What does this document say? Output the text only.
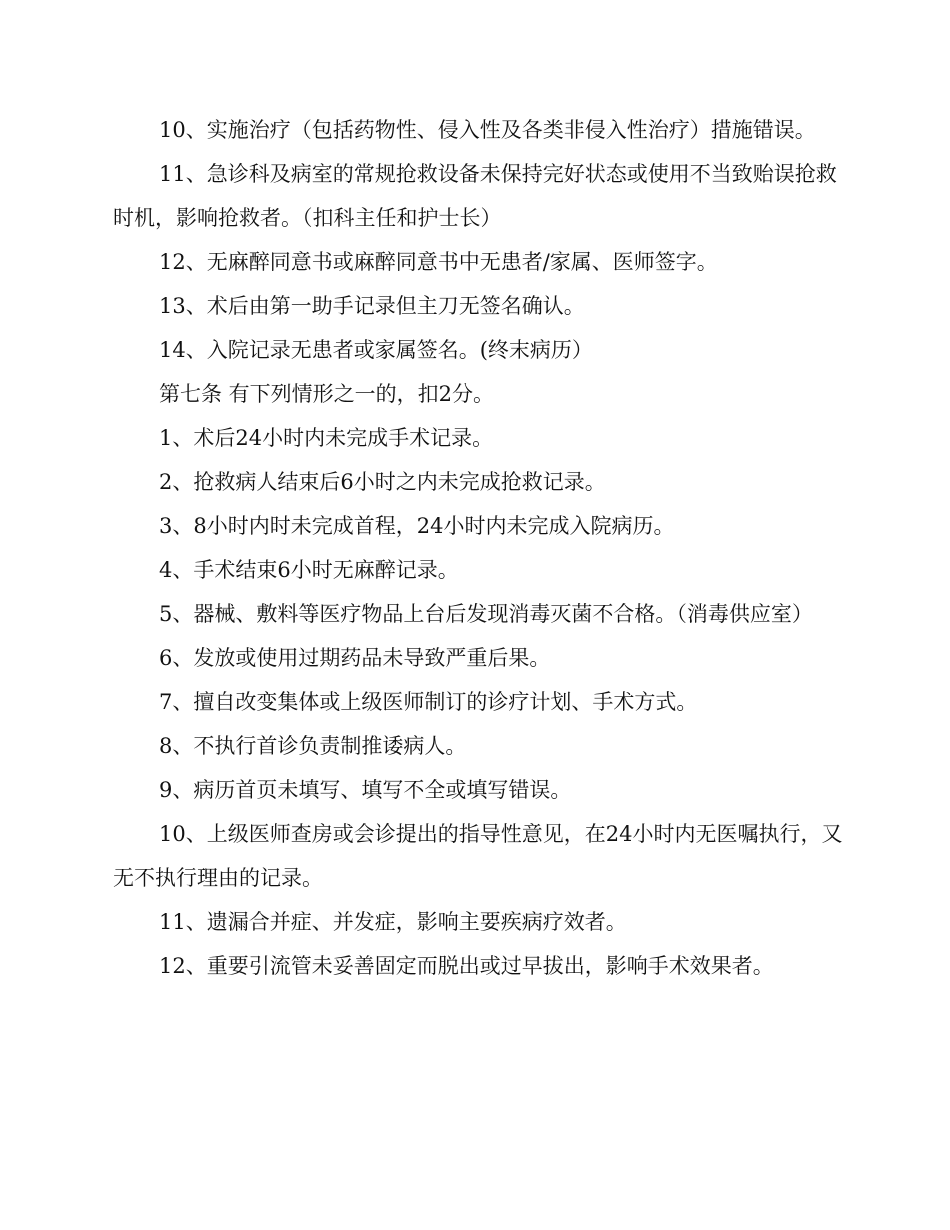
10、实施治疗（包括药物性、侵入性及各类非侵入性治疗）措施错误。

11、急诊科及病室的常规抢救设备未保持完好状态或使用不当致贻误抢救时机，影响抢救者。（扣科主任和护士长）

12、无麻醉同意书或麻醉同意书中无患者/家属、医师签字。

13、术后由第一助手记录但主刀无签名确认。

14、入院记录无患者或家属签名。(终末病历）

第七条 有下列情形之一的，扣2分。

1、术后24小时内未完成手术记录。

2、抢救病人结束后6小时之内未完成抢救记录。

3、8小时内时未完成首程，24小时内未完成入院病历。

4、手术结束6小时无麻醉记录。

5、器械、敷料等医疗物品上台后发现消毒灭菌不合格。（消毒供应室）

6、发放或使用过期药品未导致严重后果。

7、擅自改变集体或上级医师制订的诊疗计划、手术方式。

8、不执行首诊负责制推诿病人。

9、病历首页未填写、填写不全或填写错误。

10、上级医师查房或会诊提出的指导性意见，在24小时内无医嘱执行，又无不执行理由的记录。

11、遗漏合并症、并发症，影响主要疾病疗效者。

12、重要引流管未妥善固定而脱出或过早拔出，影响手术效果者。
